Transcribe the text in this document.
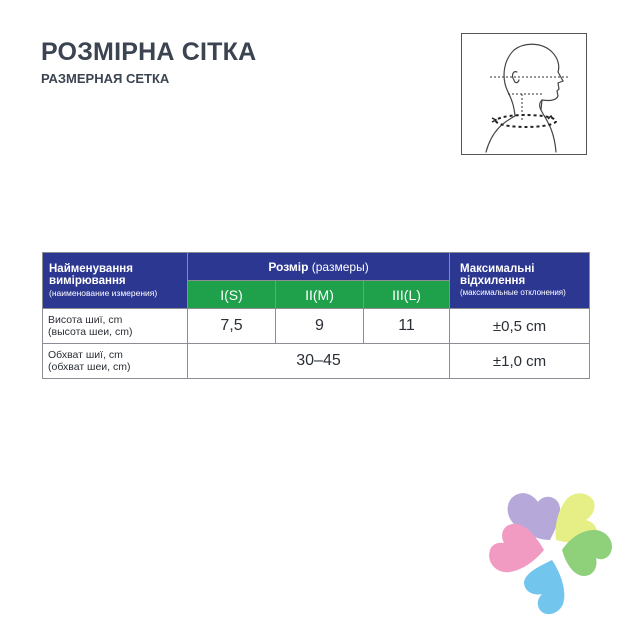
РОЗМІРНА СІТКА
РАЗМЕРНАЯ СЕТКА
Найменування вимірювання
(наименование измерения)	Розмір (размеры)			Максимальні відхилення
(максимальные отклонения)

	I(S)	II(M)	III(L)	

Висота шиї, cm
(высота шеи, cm)	7,5	9	11	±0,5 cm

Обхват шиї, cm
(обхват шеи, cm)	30–45			±1,0 cm
